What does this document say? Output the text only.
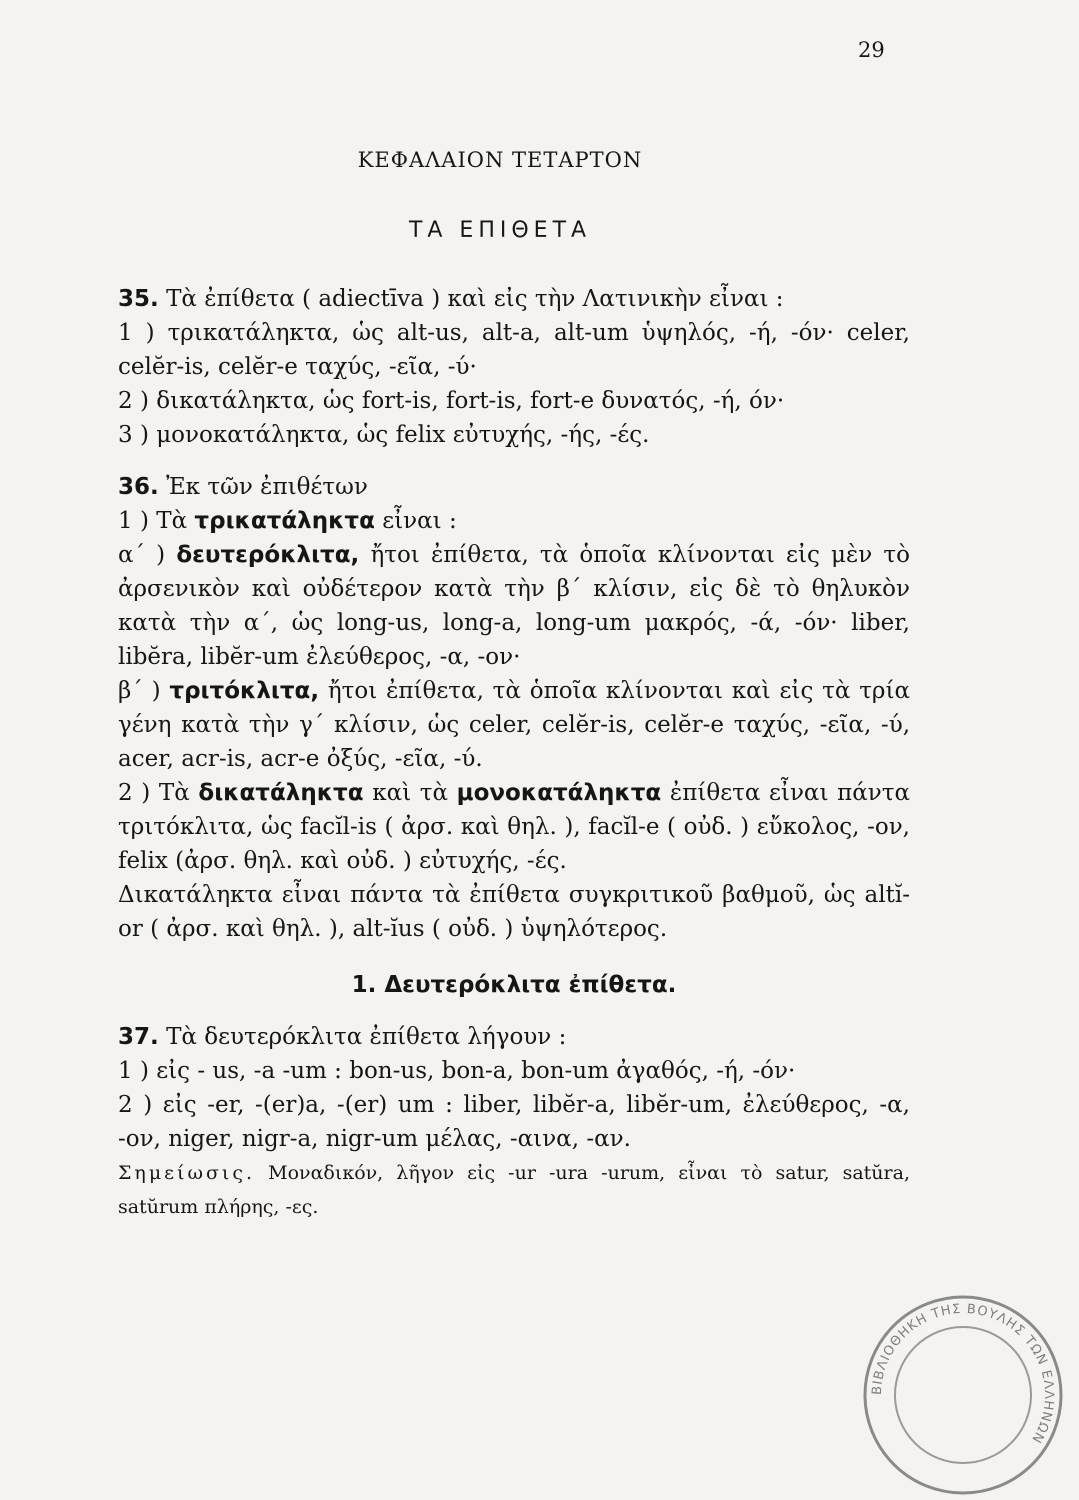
29
ΚΕΦΑΛΑΙΟΝ ΤΕΤΑΡΤΟΝ
ΤΑ ΕΠΙΘΕΤΑ

35. Τὰ ἐπίθετα ( adiectīva ) καὶ εἰς τὴν Λατινικὴν εἶναι :

1 ) τρικατάληκτα, ὡς alt-us, alt-a, alt-um ὑψηλός, -ή, -όν· celer, celĕr-is, celĕr-e ταχύς, -εῖα, -ύ·

2 ) δικατάληκτα, ὡς fort-is, fort-is, fort-e δυνατός, -ή, όν·

3 ) μονοκατάληκτα, ὡς felix εὐτυχής, -ής, -ές.

36. Ἐκ τῶν ἐπιθέτων

1 ) Τὰ τρικατάληκτα εἶναι :

α΄ ) δευτερόκλιτα, ἤτοι ἐπίθετα, τὰ ὁποῖα κλίνονται εἰς μὲν τὸ ἀρσενικὸν καὶ οὐδέτερον κατὰ τὴν β΄ κλίσιν, εἰς δὲ τὸ θηλυκὸν κατὰ τὴν α΄, ὡς long-us, long-a, long-um μακρός, -ά, -όν· liber, libĕra, libĕr-um ἐλεύθερος, -α, -ον·

β΄ ) τριτόκλιτα, ἤτοι ἐπίθετα, τὰ ὁποῖα κλίνονται καὶ εἰς τὰ τρία γένη κατὰ τὴν γ΄ κλίσιν, ὡς celer, celĕr-is, celĕr-e ταχύς, -εῖα, -ύ, acer, acr-is, acr-e ὀξύς, -εῖα, -ύ.

2 ) Τὰ δικατάληκτα καὶ τὰ μονοκατάληκτα ἐπίθετα εἶναι πάντα τριτόκλιτα, ὡς facĭl-is ( ἀρσ. καὶ θηλ. ), facĭl-e ( οὐδ. ) εὔκολος, -ον, felix (ἀρσ. θηλ. καὶ οὐδ. ) εὐτυχής, -ές.

Δικατάληκτα εἶναι πάντα τὰ ἐπίθετα συγκριτικοῦ βαθμοῦ, ὡς altĭ-or ( ἀρσ. καὶ θηλ. ), alt-ĭus ( οὐδ. ) ὑψηλότερος.

1. Δευτερόκλιτα ἐπίθετα.

37. Τὰ δευτερόκλιτα ἐπίθετα λήγουν :

1 ) εἰς - us, -a -um : bon-us, bon-a, bon-um ἀγαθός, -ή, -όν·

2 ) εἰς -er, -(er)a, -(er) um : liber, libĕr-a, libĕr-um, ἐλεύθερος, -α, -ον, niger, nigr-a, nigr-um μέλας, -αινα, -αν.

Σημείωσις. Μοναδικόν, λῆγον εἰς -ur -ura -urum, εἶναι τὸ satur, satŭra, satŭrum πλήρης, -ες.

ΒΙΒΛΙΟΘΗΚΗ ΤΗΣ ΒΟΥΛΗΣ ΤΩΝ ΕΛΛΗΝΩΝ
